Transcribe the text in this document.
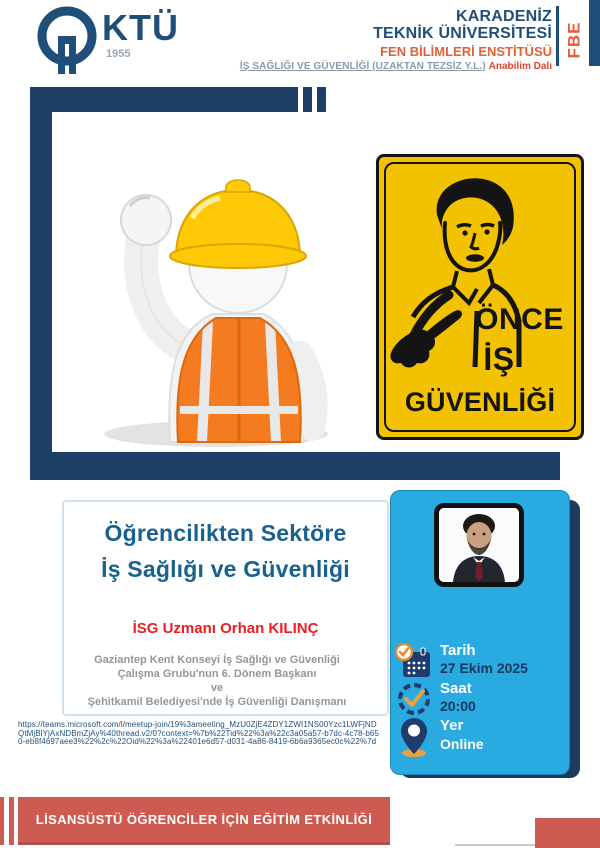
KTÜ
1955
KARADENİZ
TEKNİK ÜNİVERSİTESİ
FEN BİLİMLERİ ENSTİTÜSÜ
İŞ SAĞLIĞI VE GÜVENLİĞİ (UZAKTAN TEZSİZ Y.L.) Anabilim Dalı
FBE
ÖNCE
İŞ
GÜVENLİĞİ
Öğrencilikten Sektöre
İş Sağlığı ve Güvenliği
İSG Uzmanı Orhan KILINÇ
Gaziantep Kent Konseyi İş Sağlığı ve Güvenliği
Çalışma Grubu'nun 6. Dönem Başkanı
ve
Şehitkamil Belediyesi'nde İş Güvenliği Danışmanı
https://teams.microsoft.com/l/meetup-join/19%3ameeting_MzU0ZjE4ZDY1ZWI1NS00Yzc1LWFjNDQtMjBlYjAxNDBmZjAy%40thread.v2/0?context=%7b%22Tid%22%3a%22c3a05a57-b7dc-4c78-b650-eb8f4697aee3%22%2c%22Oid%22%3a%22401e6d57-d031-4a86-8419-6b6a9365ec0c%22%7d
Tarih
27 Ekim 2025
Saat
20:00
Yer
Online
LİSANSÜSTÜ ÖĞRENCİLER İÇİN EĞİTİM ETKİNLİĞİ
